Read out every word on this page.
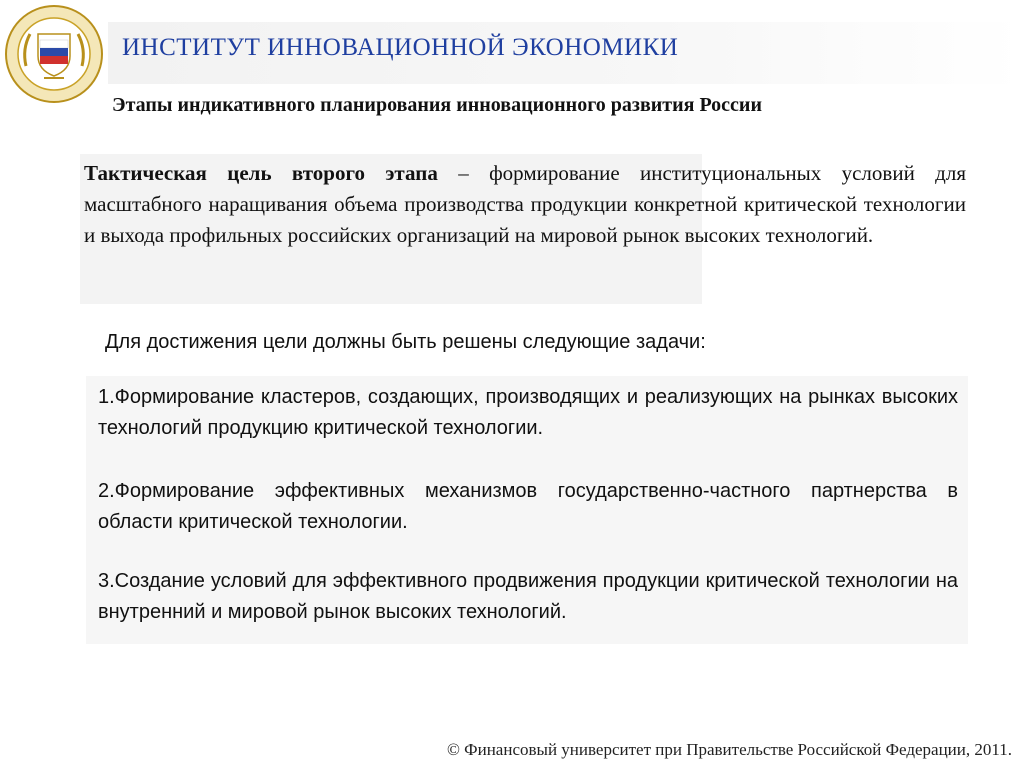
ИНСТИТУТ ИННОВАЦИОННОЙ ЭКОНОМИКИ
Этапы индикативного планирования инновационного развития России

Тактическая цель второго этапа – формирование институциональных условий для масштабного наращивания объема производства продукции конкретной критической технологии и выхода профильных российских организаций на мировой рынок высоких технологий.

Для достижения цели должны быть решены следующие задачи:

1.Формирование кластеров, создающих, производящих и реализующих на рынках высоких технологий продукцию критической технологии.

2.Формирование эффективных механизмов государственно-частного партнерства в области критической технологии.

3.Создание условий для эффективного продвижения продукции критической технологии на внутренний и мировой рынок высоких технологий.

© Финансовый университет при Правительстве Российской Федерации, 2011.
